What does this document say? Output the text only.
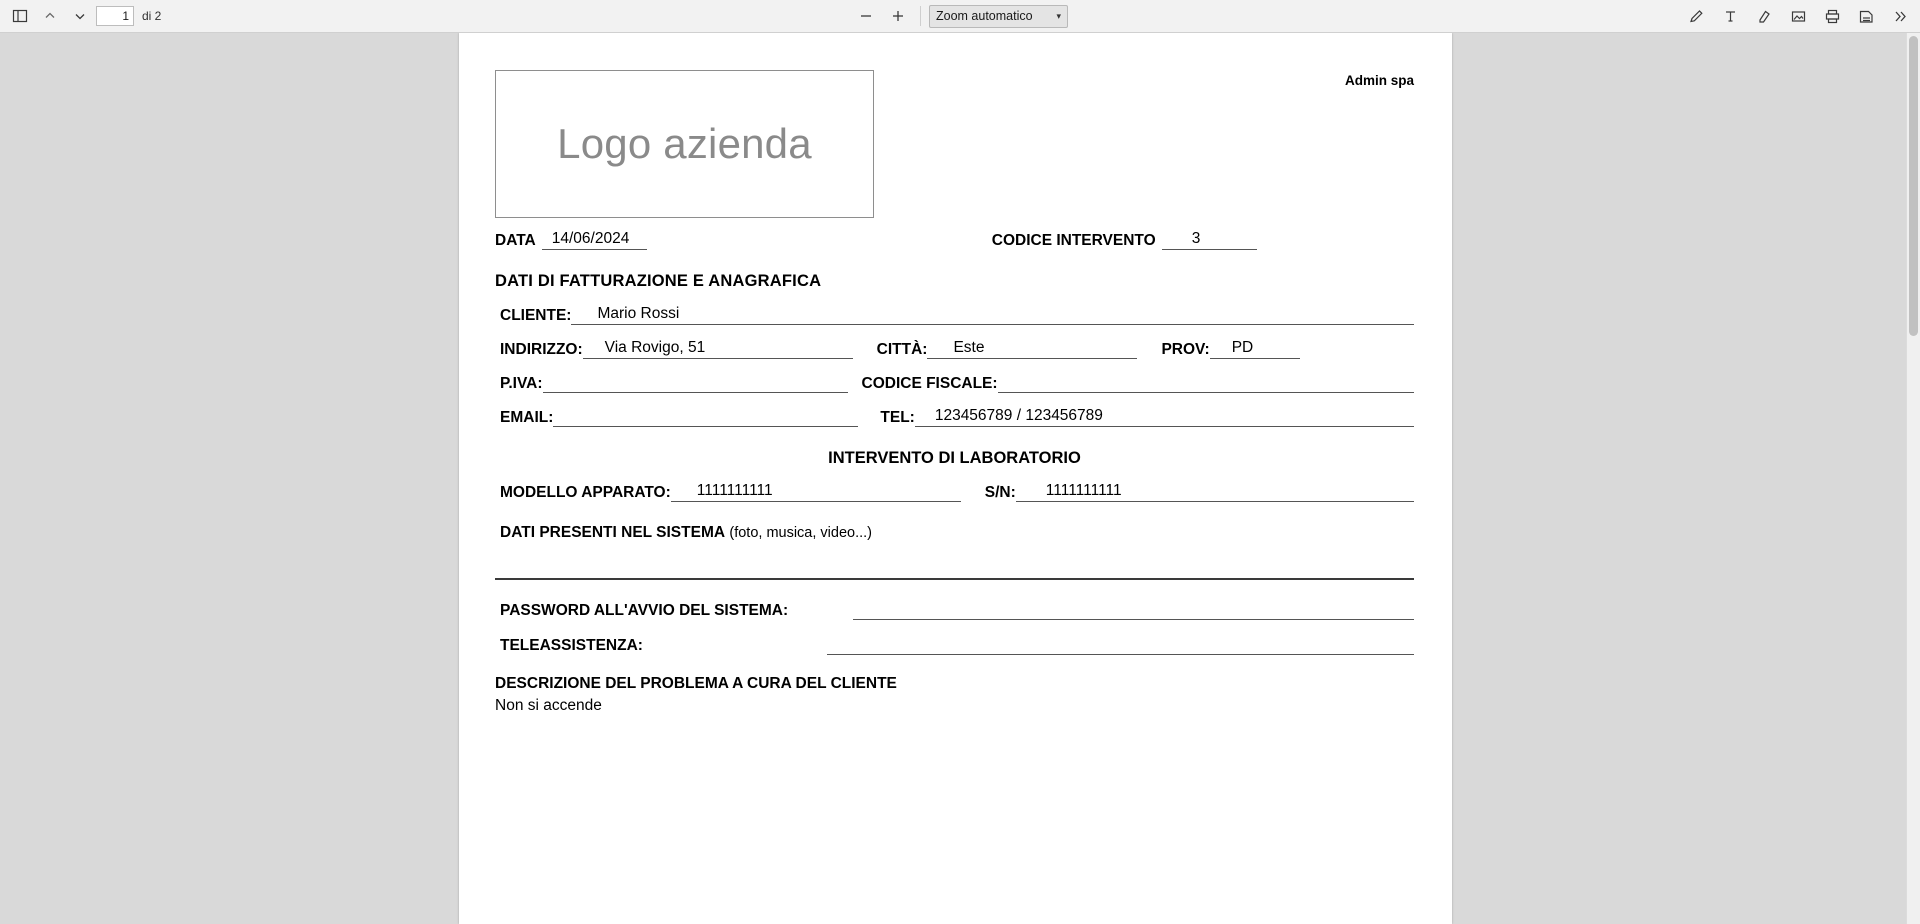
1
di 2
Zoom automatico	▾
Admin spa
Logo azienda
DATA 14/06/2024	CODICE INTERVENTO 3
DATI DI FATTURAZIONE E ANAGRAFICA
CLIENTE: Mario Rossi
INDIRIZZO: Via Rovigo, 51	CITTÀ: Este	PROV: PD
P.IVA:	CODICE FISCALE:
EMAIL:	TEL: 123456789 / 123456789
INTERVENTO DI LABORATORIO
MODELLO APPARATO: 1111111111	S/N: 1111111111
DATI PRESENTI NEL SISTEMA (foto, musica, video...)
PASSWORD ALL'AVVIO DEL SISTEMA:
TELEASSISTENZA:
DESCRIZIONE DEL PROBLEMA A CURA DEL CLIENTE
Non si accende
